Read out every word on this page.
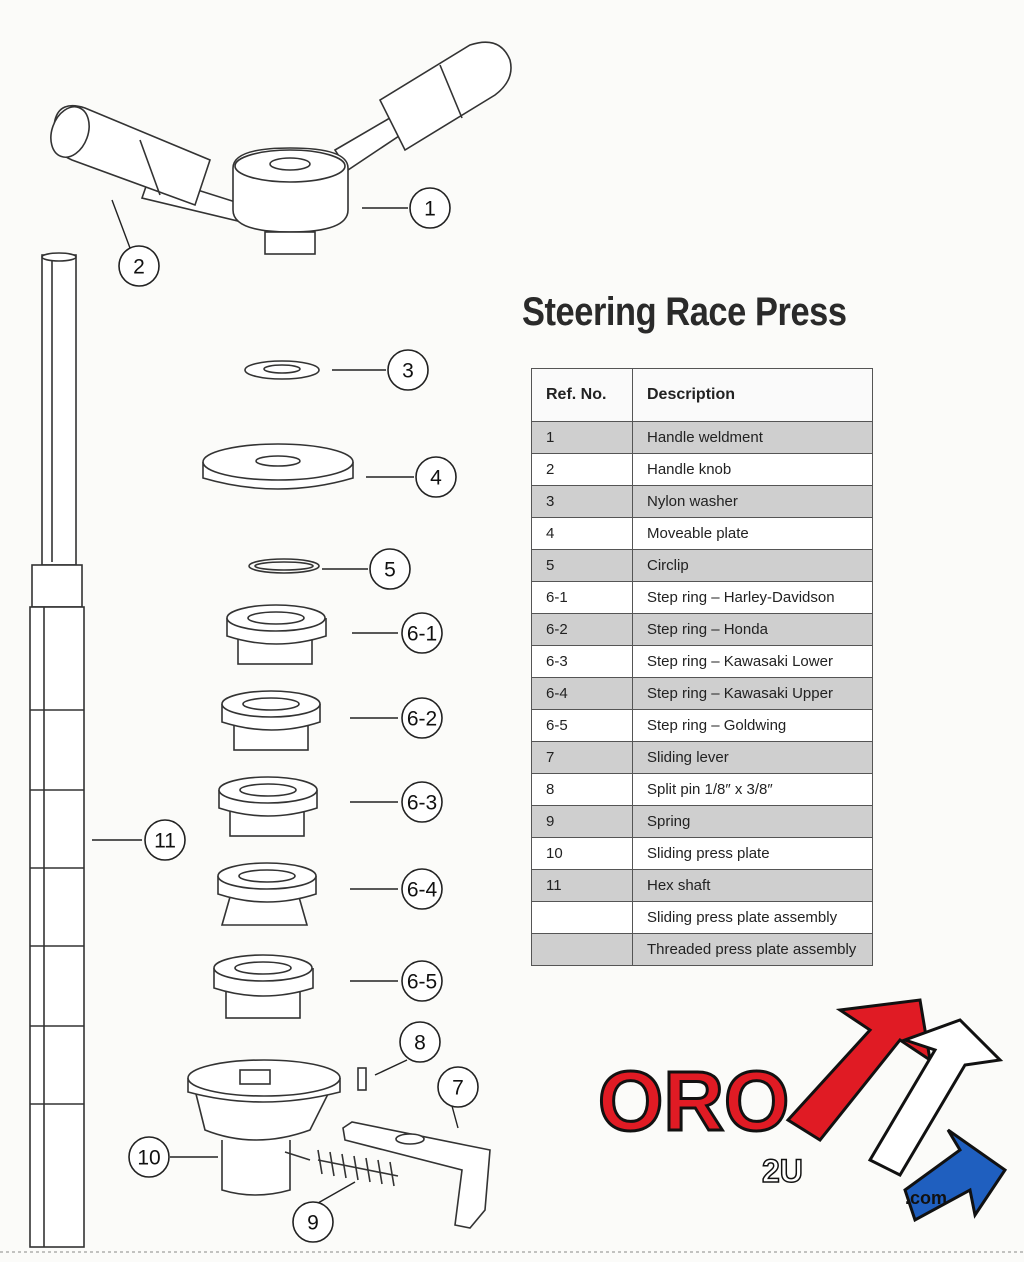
1
2
3
4
5
6-1
6-2
6-3
6-4
6-5
7
8
9
10
11
ORO
2U
.com
Steering Race Press
Ref. No.	Description
1	Handle weldment
2	Handle knob
3	Nylon washer
4	Moveable plate
5	Circlip
6-1	Step ring – Harley-Davidson
6-2	Step ring – Honda
6-3	Step ring – Kawasaki Lower
6-4	Step ring – Kawasaki Upper
6-5	Step ring – Goldwing
7	Sliding lever
8	Split pin 1/8″ x 3/8″
9	Spring
10	Sliding press plate
11	Hex shaft
	Sliding press plate assembly
	Threaded press plate assembly
